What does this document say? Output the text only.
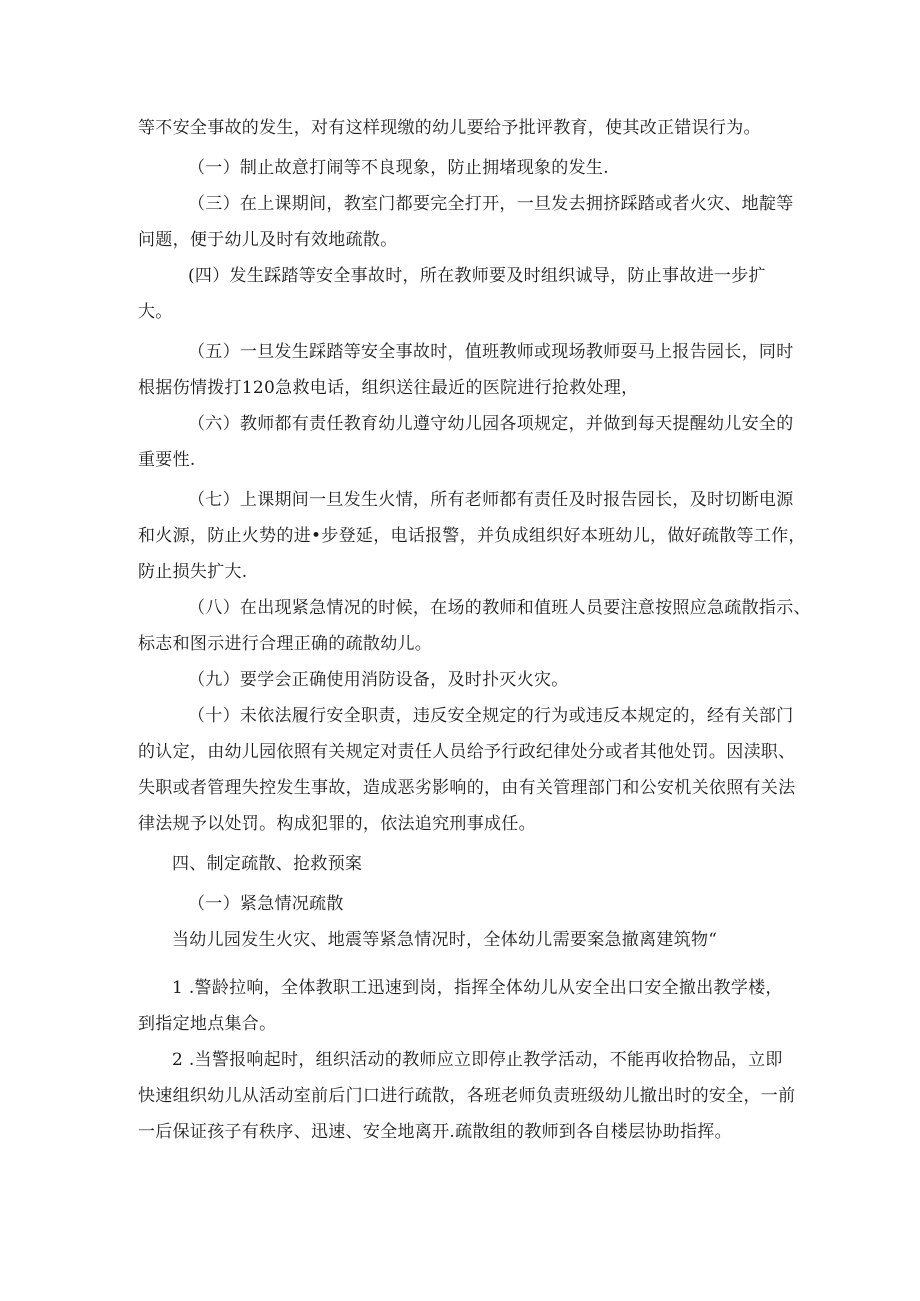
等不安全事故的发生，对有这样现缴的幼儿要给予批评教育，使其改正错误行为。
（一）制止故意打闹等不良现象，防止拥堵现象的发生.
（三）在上课期间，教室门都要完全打开，一旦发去拥挤踩踏或者火灾、地靛等
问题，便于幼儿及时有效地疏散。
(四）发生踩踏等安全事故时，所在教师要及时组织诚导，防止事故进一步扩
大。
（五）一旦发生踩踏等安全事故时，值班教师或现场教师耍马上报告园长，同时
根据伤情拨打120急救电话，组织送往最近的医院进行抢救处理，
（六）教师都有责任教育幼儿遵守幼儿园各项规定，并做到每天提醒幼儿安全的
重要性.
（七）上课期间一旦发生火情，所有老师都有责任及时报告园长，及时切断电源
和火源，防止火势的进•步登延，电话报警，并负成组织好本班幼儿，做好疏散等工作，
防止损失扩大.
（八）在出现紧急情况的时候，在场的教师和值班人员要注意按照应急疏散指示、
标志和图示进行合理正确的疏散幼儿。
（九）要学会正确使用消防设备，及时扑灭火灾。
（十）未依法履行安全职责，违反安全规定的行为或违反本规定的，经有关部门
的认定，由幼儿园依照有关规定对责任人员给予行政纪律处分或者其他处罚。因渎职、
失职或者管理失控发生事故，造成恶劣影响的，由有关管理部门和公安机关依照有关法
律法规予以处罚。构成犯罪的，依法追究刑事成任。
四、制定疏散、抢救预案
（一）紧急情况疏散
当幼儿园发生火灾、地震等紧急情况时，全体幼儿需要案急撤离建筑物“
1 .警龄拉响，全体教职工迅速到岗，指挥全体幼儿从安全出口安全撤出教学楼，
到指定地点集合。
2 .当警报响起时，组织活动的教师应立即停止教学活动，不能再收拾物品，立即
快速组织幼儿从活动室前后门口进行疏散，各班老师负责班级幼儿撤出时的安全，一前
一后保证孩子有秩序、迅速、安全地离开.疏散组的教师到各自楼层协助指挥。
